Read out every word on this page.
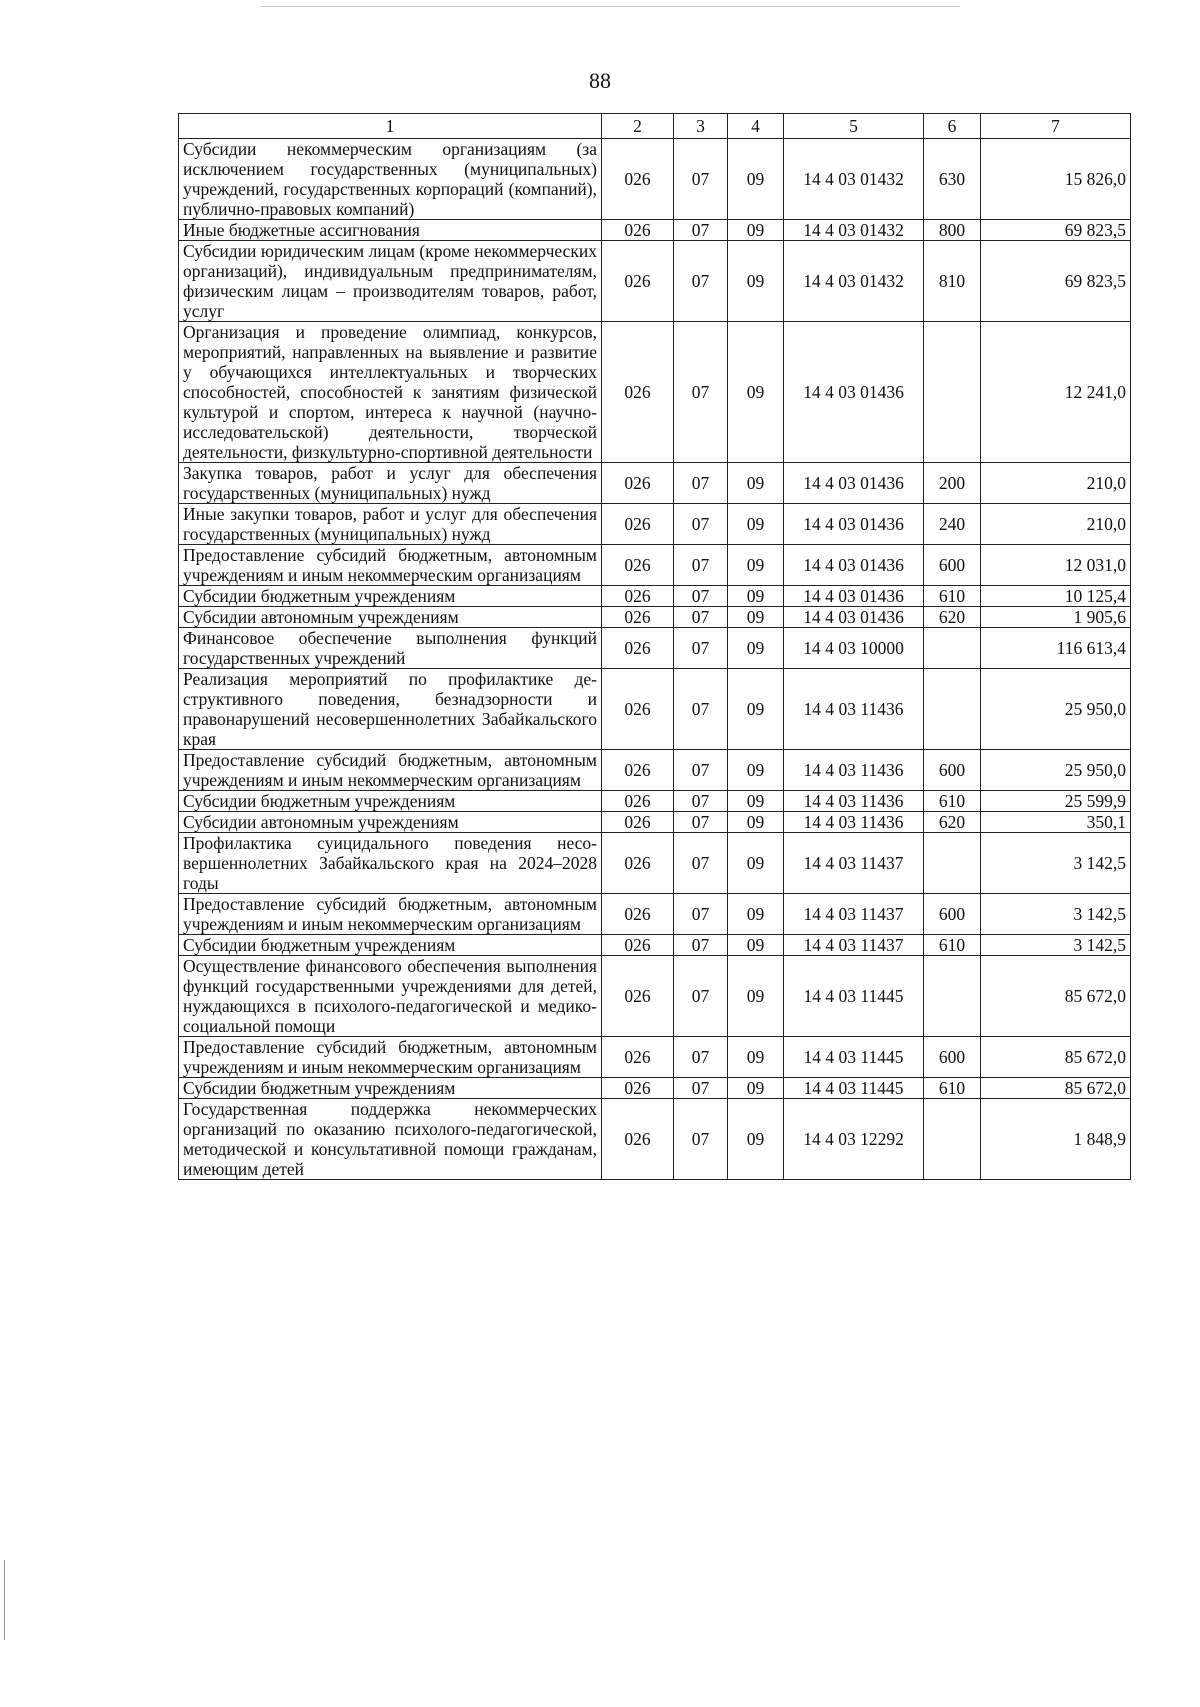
88
1	2	3	4	5	6	7
Субсидии некоммерческим организациям (за исключением государственных (муниципальных) учреждений, государственных корпораций (компаний), публично-правовых компаний)	026	07	09	14 4 03 01432	630	15 826,0
Иные бюджетные ассигнования	026	07	09	14 4 03 01432	800	69 823,5
Субсидии юридическим лицам (кроме некоммерческих организаций), индивидуальным предпринимателям, физическим лицам – производителям товаров, работ, услуг	026	07	09	14 4 03 01432	810	69 823,5
Организация и проведение олимпиад, конкурсов, мероприятий, направленных на выявление и развитие у обучающихся интеллектуальных и творческих способностей, способностей к занятиям физической культурой и спортом, интереса к научной (научно-исследовательской) деятельности, творческой деятельности, физкультурно-спортивной деятельности	026	07	09	14 4 03 01436		12 241,0
Закупка товаров, работ и услуг для обеспечения государственных (муниципальных) нужд	026	07	09	14 4 03 01436	200	210,0
Иные закупки товаров, работ и услуг для обеспечения государственных (муниципальных) нужд	026	07	09	14 4 03 01436	240	210,0
Предоставление субсидий бюджетным, автономным учреждениям и иным некоммерческим организациям	026	07	09	14 4 03 01436	600	12 031,0
Субсидии бюджетным учреждениям	026	07	09	14 4 03 01436	610	10 125,4
Субсидии автономным учреждениям	026	07	09	14 4 03 01436	620	1 905,6
Финансовое обеспечение выполнения функций государственных учреждений	026	07	09	14 4 03 10000		116 613,4
Реализация мероприятий по профилактике деструктивного поведения, безнадзорности и правонарушений несовершеннолетних Забайкальского края	026	07	09	14 4 03 11436		25 950,0
Предоставление субсидий бюджетным, автономным учреждениям и иным некоммерческим организациям	026	07	09	14 4 03 11436	600	25 950,0
Субсидии бюджетным учреждениям	026	07	09	14 4 03 11436	610	25 599,9
Субсидии автономным учреждениям	026	07	09	14 4 03 11436	620	350,1
Профилактика суицидального поведения несовершеннолетних Забайкальского края на 2024–2028 годы	026	07	09	14 4 03 11437		3 142,5
Предоставление субсидий бюджетным, автономным учреждениям и иным некоммерческим организациям	026	07	09	14 4 03 11437	600	3 142,5
Субсидии бюджетным учреждениям	026	07	09	14 4 03 11437	610	3 142,5
Осуществление финансового обеспечения выполнения функций государственными учреждениями для детей, нуждающихся в психолого-педагогической и медико-социальной помощи	026	07	09	14 4 03 11445		85 672,0
Предоставление субсидий бюджетным, автономным учреждениям и иным некоммерческим организациям	026	07	09	14 4 03 11445	600	85 672,0
Субсидии бюджетным учреждениям	026	07	09	14 4 03 11445	610	85 672,0
Государственная поддержка некоммерческих организаций по оказанию психолого-педагогической, методической и консультативной помощи гражданам, имеющим детей	026	07	09	14 4 03 12292		1 848,9
